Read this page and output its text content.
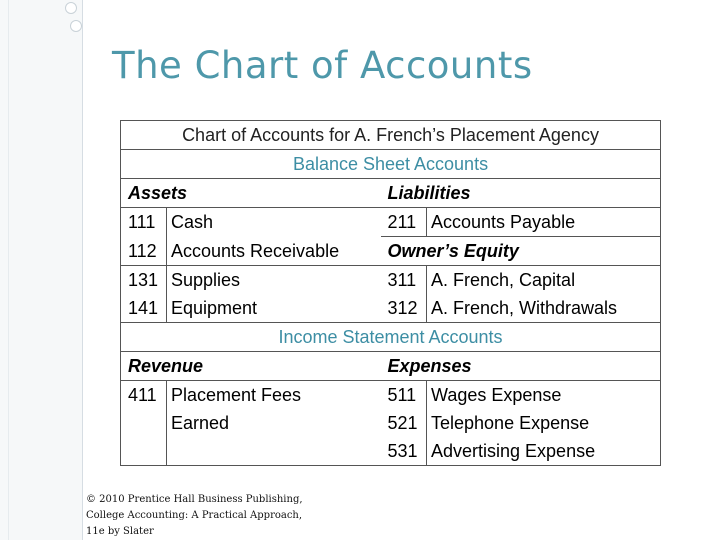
The Chart of Accounts
Chart of Accounts for A. French’s Placement Agency			
Balance Sheet Accounts			
Assets		Liabilities	
111	Cash	211	Accounts Payable
112	Accounts Receivable	Owner’s Equity	
131	Supplies	311	A. French, Capital
141	Equipment	312	A. French, Withdrawals
Income Statement Accounts			
Revenue		Expenses	
411	Placement Fees	511	Wages Expense
	Earned	521	Telephone Expense
		531	Advertising Expense
© 2010 Prentice Hall Business Publishing,
College Accounting: A Practical Approach,
11e by Slater
